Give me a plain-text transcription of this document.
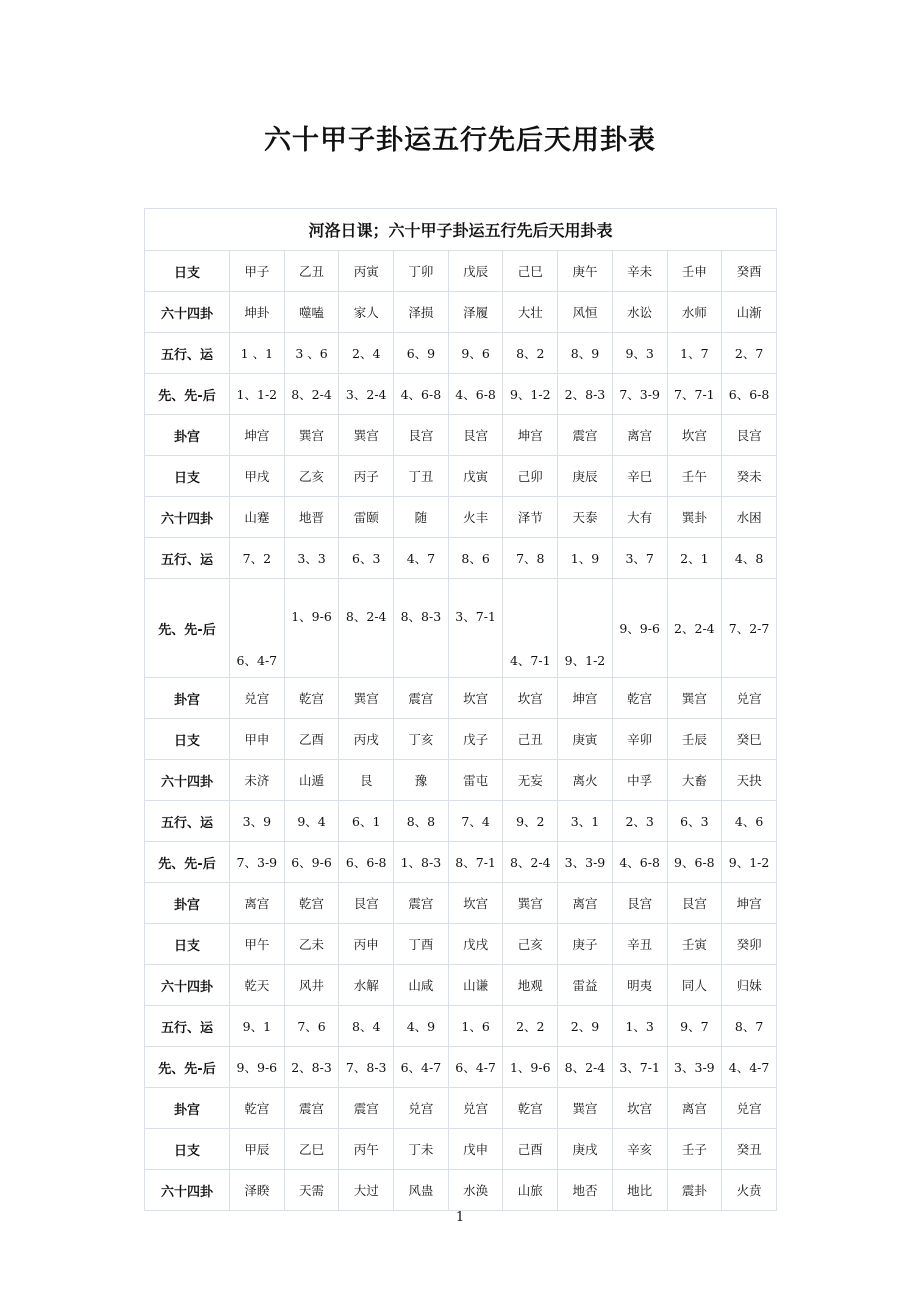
六十甲子卦运五行先后天用卦表
河洛日课；六十甲子卦运五行先后天用卦表										
日支	甲子	乙丑	丙寅	丁卯	戊辰	己巳	庚午	辛未	壬申	癸酉
六十四卦	坤卦	噬嗑	家人	泽损	泽履	大壮	风恒	水讼	水师	山渐
五行、运	1 、1	3 、6	2、4	6、9	9、6	8、2	8、9	9、3	1、7	2、7
先、先-后	1、1-2	8、2-4	3、2-4	4、6-8	4、6-8	9、1-2	2、8-3	7、3-9	7、7-1	6、6-8
卦宫	坤宫	巽宫	巽宫	艮宫	艮宫	坤宫	震宫	离宫	坎宫	艮宫
日支	甲戌	乙亥	丙子	丁丑	戊寅	己卯	庚辰	辛巳	壬午	癸未
六十四卦	山蹇	地晋	雷颐	随	火丰	泽节	天泰	大有	巽卦	水困
五行、运	7、2	3、3	6、3	4、7	8、6	7、8	1、9	3、7	2、1	4、8
先、先-后	6、4-7	1、9-6	8、2-4	8、8-3	3、7-1	4、7-1	9、1-2	9、9-6	2、2-4	7、2-7
卦宫	兑宫	乾宫	巽宫	震宫	坎宫	坎宫	坤宫	乾宫	巽宫	兑宫
日支	甲申	乙酉	丙戌	丁亥	戊子	己丑	庚寅	辛卯	壬辰	癸巳
六十四卦	未济	山遁	艮	豫	雷屯	无妄	离火	中孚	大畜	天抉
五行、运	3、9	9、4	6、1	8、8	7、4	9、2	3、1	2、3	6、3	4、6
先、先-后	7、3-9	6、9-6	6、6-8	1、8-3	8、7-1	8、2-4	3、3-9	4、6-8	9、6-8	9、1-2
卦宫	离宫	乾宫	艮宫	震宫	坎宫	巽宫	离宫	艮宫	艮宫	坤宫
日支	甲午	乙未	丙申	丁酉	戊戌	己亥	庚子	辛丑	壬寅	癸卯
六十四卦	乾天	风井	水解	山咸	山谦	地观	雷益	明夷	同人	归妹
五行、运	9、1	7、6	8、4	4、9	1、6	2、2	2、9	1、3	9、7	8、7
先、先-后	9、9-6	2、8-3	7、8-3	6、4-7	6、4-7	1、9-6	8、2-4	3、7-1	3、3-9	4、4-7
卦宫	乾宫	震宫	震宫	兑宫	兑宫	乾宫	巽宫	坎宫	离宫	兑宫
日支	甲辰	乙巳	丙午	丁未	戊申	己酉	庚戌	辛亥	壬子	癸丑
六十四卦	泽睽	天需	大过	风蛊	水涣	山旅	地否	地比	震卦	火贲
1
